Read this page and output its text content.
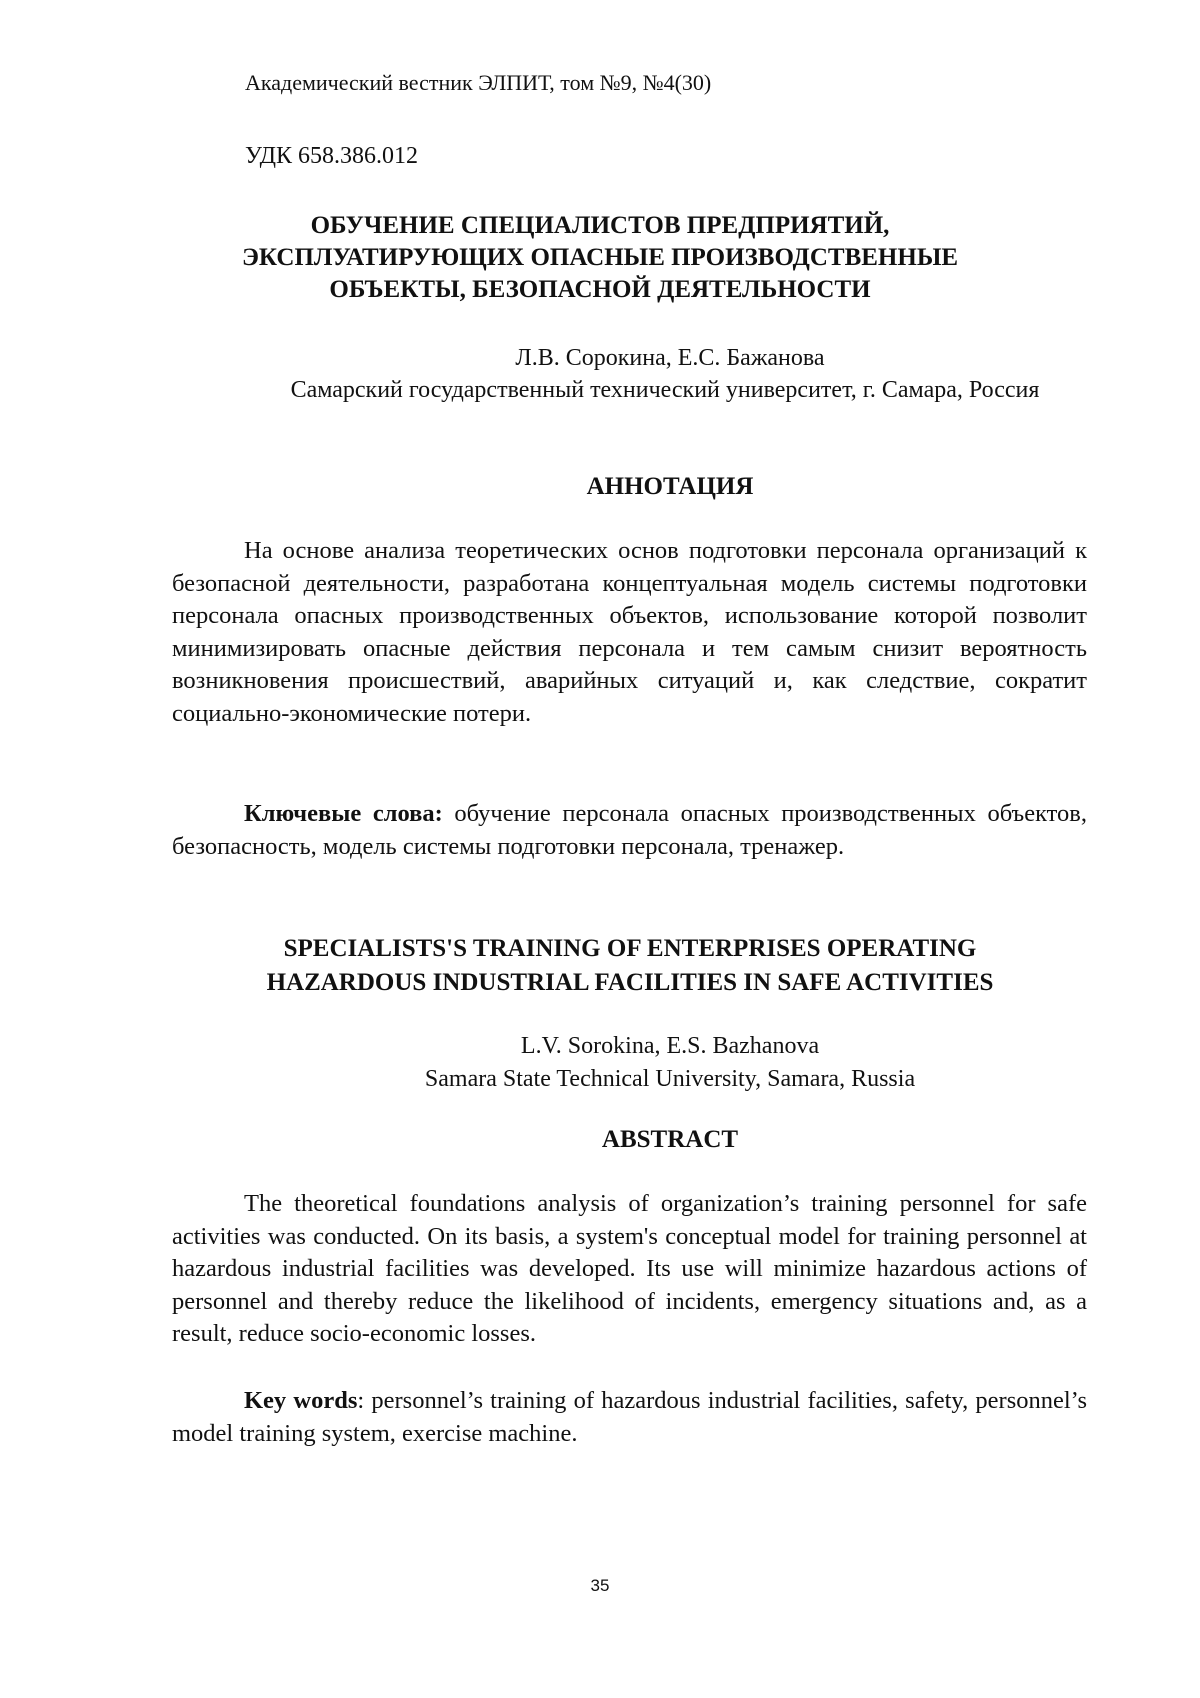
Академический вестник ЭЛПИТ, том №9, №4(30)
УДК 658.386.012
ОБУЧЕНИЕ СПЕЦИАЛИСТОВ ПРЕДПРИЯТИЙ,
ЭКСПЛУАТИРУЮЩИХ ОПАСНЫЕ ПРОИЗВОДСТВЕННЫЕ
ОБЪЕКТЫ, БЕЗОПАСНОЙ ДЕЯТЕЛЬНОСТИ
Л.В. Сорокина, Е.С. Бажанова
Самарский государственный технический университет, г. Самара, Россия
АННОТАЦИЯ

На основе анализа теоретических основ подготовки персонала организаций к безопасной деятельности, разработана концептуальная модель системы подготовки персонала опасных производственных объектов, использование которой позволит минимизировать опасные действия персонала и тем самым снизит вероятность возникновения происшествий, аварийных ситуаций и, как следствие, сократит социально-экономические потери.

Ключевые слова: обучение персонала опасных производственных объектов, безопасность, модель системы подготовки персонала, тренажер.

SPECIALISTS'S TRAINING OF ENTERPRISES OPERATING
HAZARDOUS INDUSTRIAL FACILITIES IN SAFE ACTIVITIES
L.V. Sorokina, E.S. Bazhanova
Samara State Technical University, Samara, Russia
ABSTRACT

The theoretical foundations analysis of organization’s training personnel for safe activities was conducted. On its basis, a system's conceptual model for training personnel at hazardous industrial facilities was developed. Its use will minimize hazardous actions of personnel and thereby reduce the likelihood of incidents, emergency situations and, as a result, reduce socio-economic losses.

Key words: personnel’s training of hazardous industrial facilities, safety, personnel’s model training system, exercise machine.

35
